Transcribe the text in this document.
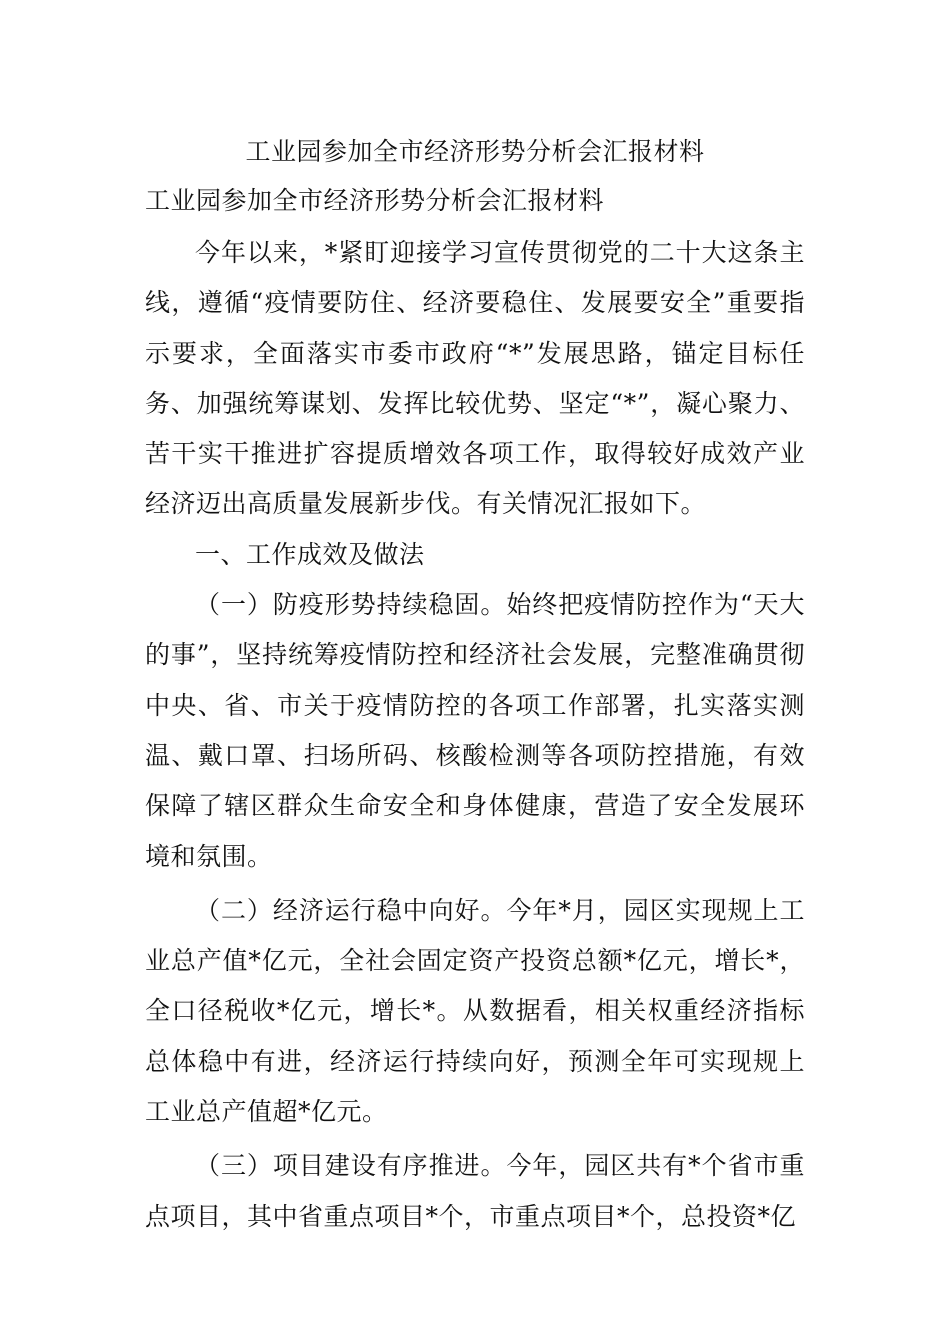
工业园参加全市经济形势分析会汇报材料
工业园参加全市经济形势分析会汇报材料

今年以来，*紧盯迎接学习宣传贯彻党的二十大这条主线，遵循“疫情要防住、经济要稳住、发展要安全”重要指示要求，全面落实市委市政府“*”发展思路，锚定目标任务、加强统筹谋划、发挥比较优势、坚定“*”，凝心聚力、苦干实干推进扩容提质增效各项工作，取得较好成效产业经济迈出高质量发展新步伐。有关情况汇报如下。

一、工作成效及做法

（一）防疫形势持续稳固。始终把疫情防控作为“天大的事”，坚持统筹疫情防控和经济社会发展，完整准确贯彻中央、省、市关于疫情防控的各项工作部署，扎实落实测温、戴口罩、扫场所码、核酸检测等各项防控措施，有效保障了辖区群众生命安全和身体健康，营造了安全发展环境和氛围。

（二）经济运行稳中向好。今年*月，园区实现规上工业总产值*亿元，全社会固定资产投资总额*亿元，增长*，全口径税收*亿元，增长*。从数据看，相关权重经济指标总体稳中有进，经济运行持续向好，预测全年可实现规上工业总产值超*亿元。

（三）项目建设有序推进。今年，园区共有*个省市重点项目，其中省重点项目*个，市重点项目*个，总投资*亿
